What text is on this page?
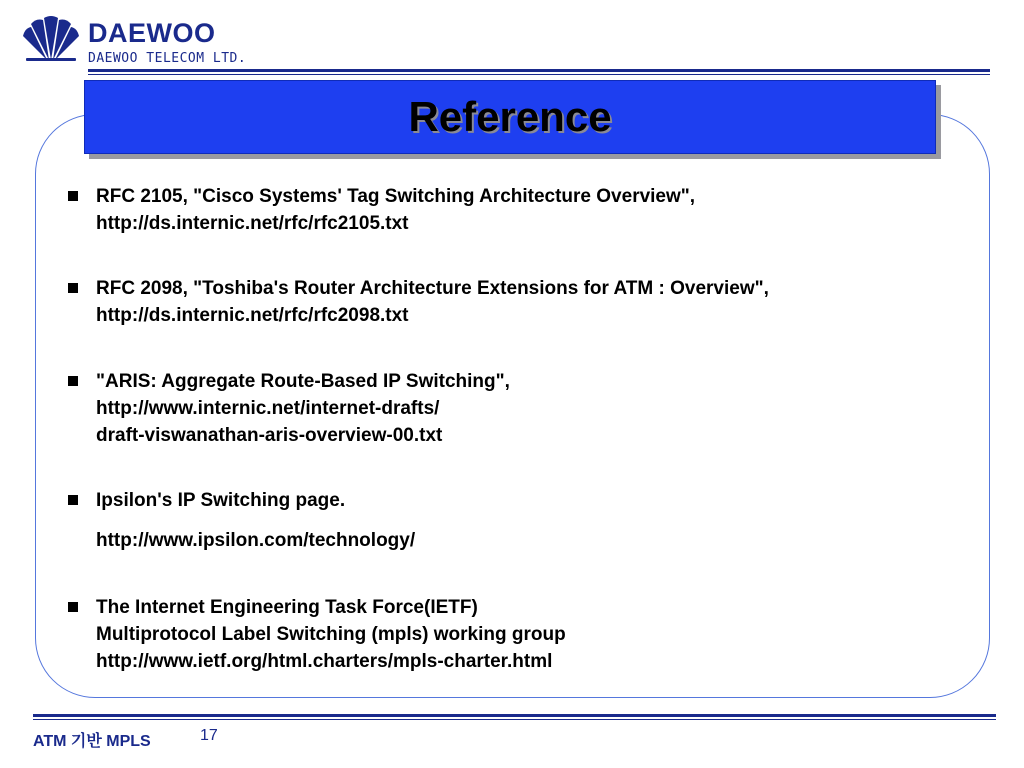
DAEWOO
DAEWOO TELECOM LTD.
Reference
RFC 2105, "Cisco Systems' Tag Switching Architecture Overview",
http://ds.internic.net/rfc/rfc2105.txt
RFC 2098, "Toshiba's Router Architecture Extensions for ATM : Overview",
http://ds.internic.net/rfc/rfc2098.txt
"ARIS: Aggregate Route-Based IP Switching",
http://www.internic.net/internet-drafts/
draft-viswanathan-aris-overview-00.txt
Ipsilon's IP Switching page.
http://www.ipsilon.com/technology/
The Internet Engineering Task Force(IETF)
Multiprotocol Label Switching (mpls) working group
http://www.ietf.org/html.charters/mpls-charter.html
ATM 기반 MPLS	17
